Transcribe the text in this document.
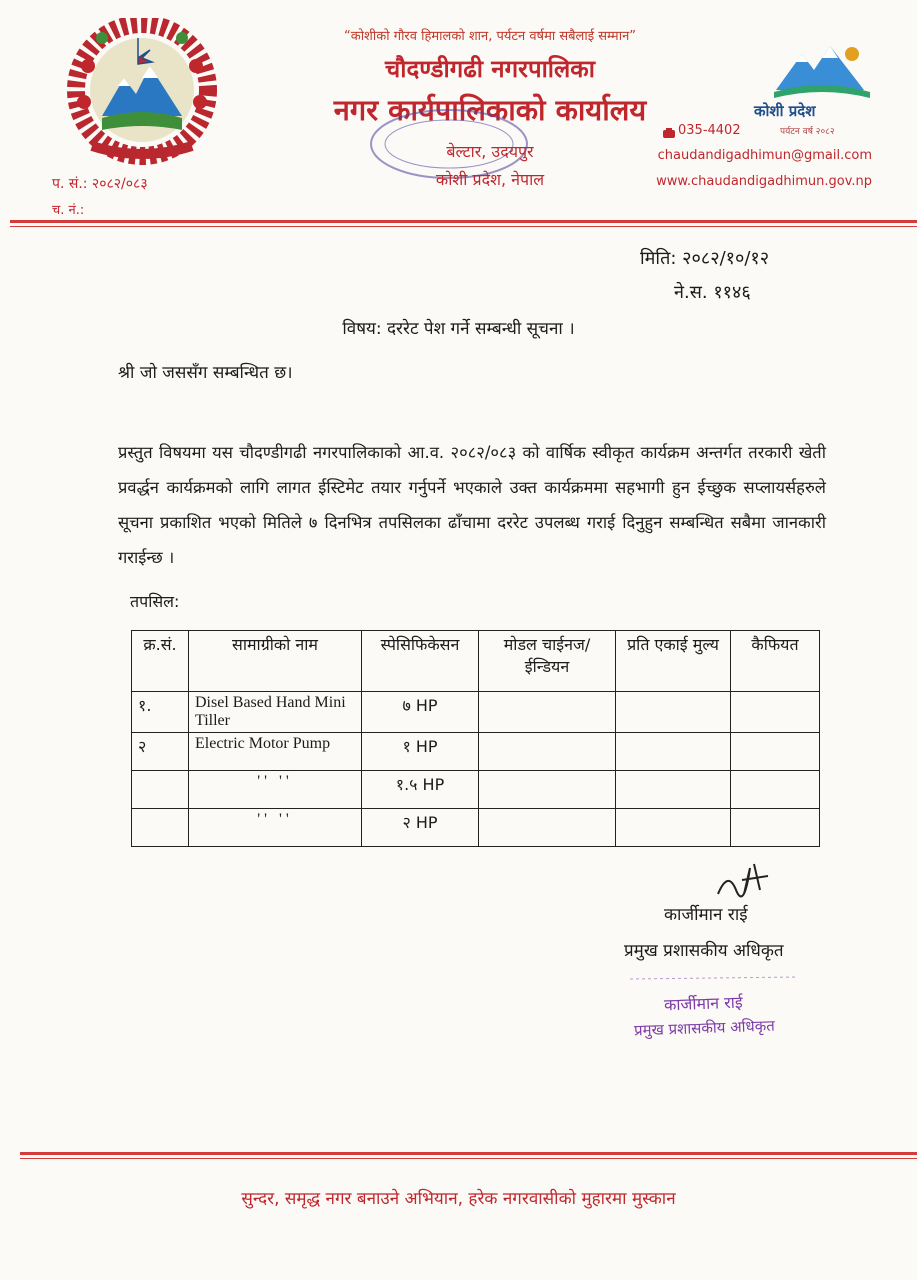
“कोशीको गौरव हिमालको शान, पर्यटन वर्षमा सबैलाई सम्मान”
चौदण्डीगढी नगरपालिका
नगर कार्यपालिकाको कार्यालय
बेल्टार, उदयपुर
कोशी प्रदेश, नेपाल
प. सं.: २०८२/०८३
च. नं.:
कोशी प्रदेश
पर्यटन वर्ष २०८२
035-4402
chaudandigadhimun@gmail.com
www.chaudandigadhimun.gov.np
मिति: २०८२/१०/१२
ने.स. ११४६
विषय: दररेट पेश गर्ने सम्बन्धी सूचना ।
श्री जो जससँग सम्बन्धित छ।
प्रस्तुत विषयमा यस चौदण्डीगढी नगरपालिकाको आ.व. २०८२/०८३ को वार्षिक स्वीकृत कार्यक्रम अन्तर्गत तरकारी खेती प्रवर्द्धन कार्यक्रमको लागि लागत ईस्टिमेट तयार गर्नुपर्ने भएकाले उक्त कार्यक्रममा सहभागी हुन ईच्छुक सप्लायर्सहरुले सूचना प्रकाशित भएको मितिले ७ दिनभित्र तपसिलका ढाँचामा दररेट उपलब्ध गराई दिनुहुन सम्बन्धित सबैमा जानकारी गराईन्छ ।
तपसिल:
क्र.सं.	सामाग्रीको नाम	स्पेसिफिकेसन	मोडल चाईनज/ईन्डियन	प्रति एकाई मुल्य	कैफियत
१.	Disel Based Hand Mini Tiller	७ HP			
२	Electric Motor Pump	१ HP			
	'' ''	१.५ HP			
	'' ''	२ HP			
कार्जीमान राई
प्रमुख प्रशासकीय अधिकृत
कार्जीमान राई
प्रमुख प्रशासकीय अधिकृत
सुन्दर, समृद्ध नगर बनाउने अभियान, हरेक नगरवासीको मुहारमा मुस्कान
